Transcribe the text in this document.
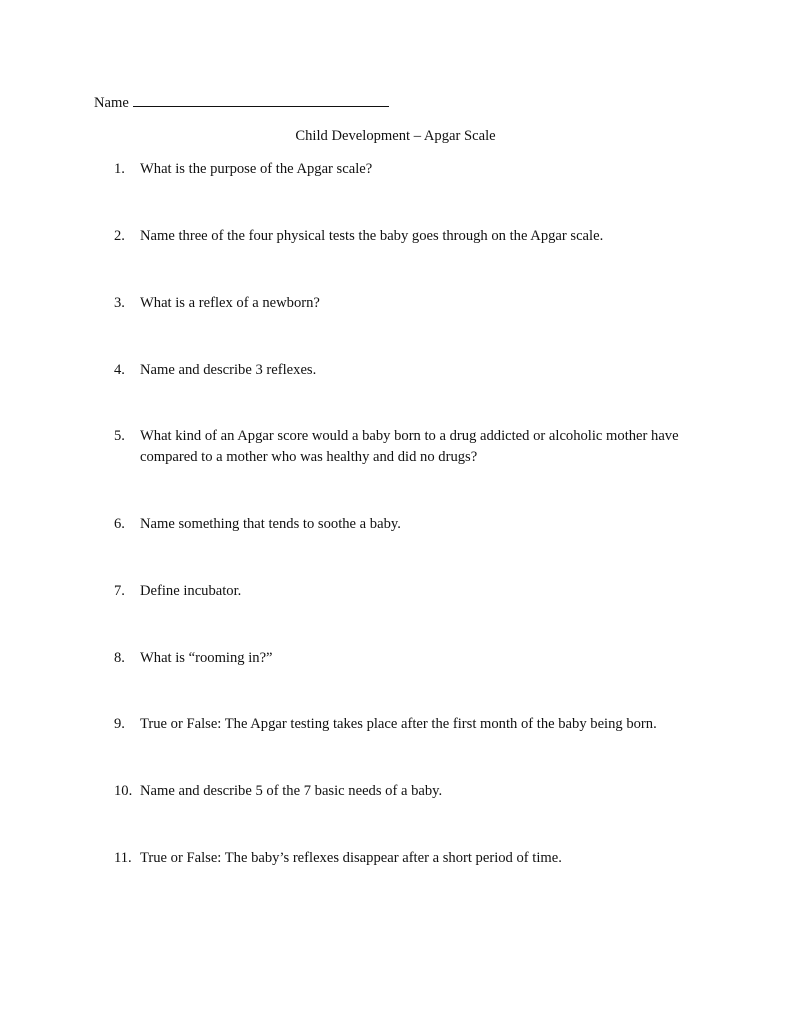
Name
Child Development – Apgar Scale
1. What is the purpose of the Apgar scale?
2. Name three of the four physical tests the baby goes through on the Apgar scale.
3. What is a reflex of a newborn?
4. Name and describe 3 reflexes.
5. What kind of an Apgar score would a baby born to a drug addicted or alcoholic mother have compared to a mother who was healthy and did no drugs?
6. Name something that tends to soothe a baby.
7. Define incubator.
8. What is “rooming in?”
9. True or False: The Apgar testing takes place after the first month of the baby being born.
10. Name and describe 5 of the 7 basic needs of a baby.
11. True or False: The baby’s reflexes disappear after a short period of time.
